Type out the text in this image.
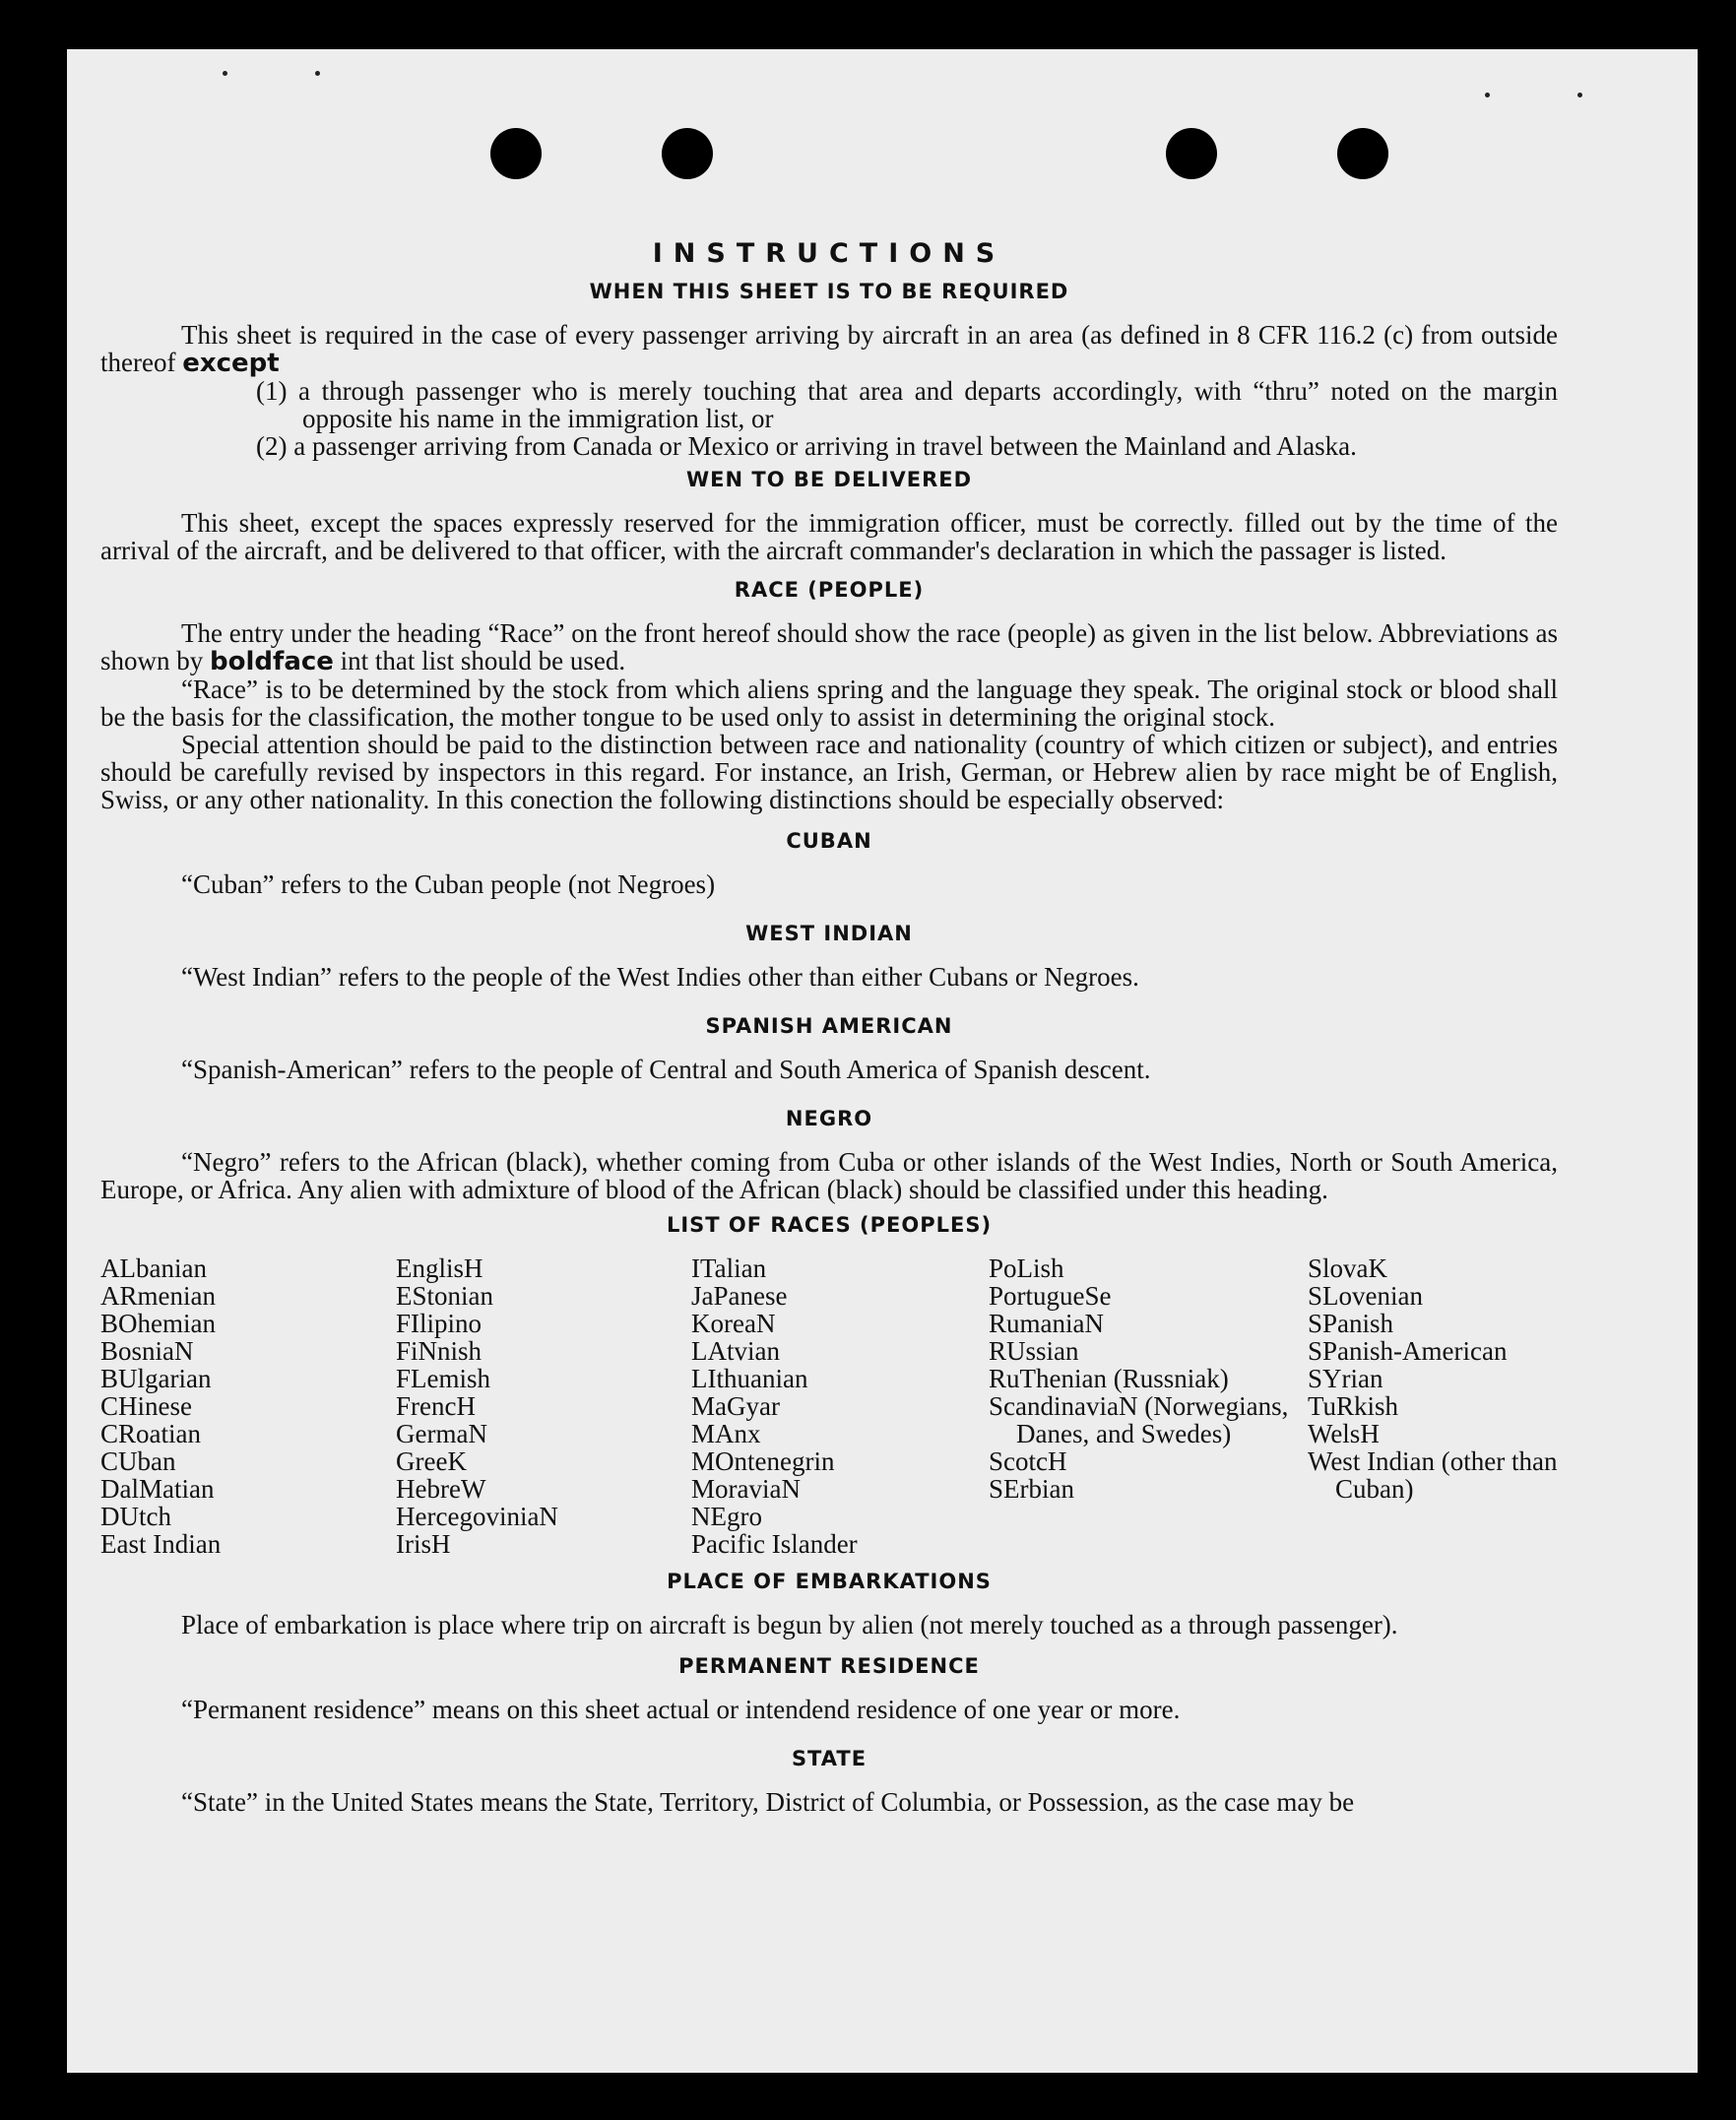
INSTRUCTIONS
WHEN THIS SHEET IS TO BE REQUIRED

This sheet is required in the case of every passenger arriving by aircraft in an area (as defined in 8 CFR 116.2 (c) from outside thereof except

(1) a through passenger who is merely touching that area and departs accordingly, with “thru” noted on the margin opposite his name in the immigration list, or

(2) a passenger arriving from Canada or Mexico or arriving in travel between the Mainland and Alaska.

WEN TO BE DELIVERED

This sheet, except the spaces expressly reserved for the immigration officer, must be correctly. filled out by the time of the arrival of the aircraft, and be delivered to that officer, with the aircraft commander's declaration in which the passager is listed.

RACE (PEOPLE)

The entry under the heading “Race” on the front hereof should show the race (people) as given in the list below. Abbreviations as shown by boldface int that list should be used.

“Race” is to be determined by the stock from which aliens spring and the language they speak. The original stock or blood shall be the basis for the classification, the mother tongue to be used only to assist in determining the original stock.

Special attention should be paid to the distinction between race and nationality (country of which citizen or subject), and entries should be carefully revised by inspectors in this regard. For instance, an Irish, German, or Hebrew alien by race might be of English, Swiss, or any other nationality. In this conection the following distinctions should be especially observed:

CUBAN

“Cuban” refers to the Cuban people (not Negroes)

WEST INDIAN

“West Indian” refers to the people of the West Indies other than either Cubans or Negroes.

SPANISH AMERICAN

“Spanish-American” refers to the people of Central and South America of Spanish descent.

NEGRO

“Negro” refers to the African (black), whether coming from Cuba or other islands of the West Indies, North or South America, Europe, or Africa. Any alien with admixture of blood of the African (black) should be classified under this heading.

LIST OF RACES (PEOPLES)
ALbanian
ARmenian
BOhemian
BosniaN
BUlgarian
CHinese
CRoatian
CUban
DalMatian
DUtch
East Indian
EnglisH
EStonian
FIlipino
FiNnish
FLemish
FrencH
GermaN
GreeK
HebreW
HercegoviniaN
IrisH
ITalian
JaPanese
KoreaN
LAtvian
LIthuanian
MaGyar
MAnx
MOntenegrin
MoraviaN
NEgro
Pacific Islander
PoLish
PortugueSe
RumaniaN
RUssian
RuThenian (Russniak)
ScandinaviaN (Norwegians, Danes, and Swedes)
ScotcH
SErbian
SlovaK
SLovenian
SPanish
SPanish-American
SYrian
TuRkish
WelsH
West Indian (other than Cuban)
PLACE OF EMBARKATIONS

Place of embarkation is place where trip on aircraft is begun by alien (not merely touched as a through passenger).

PERMANENT RESIDENCE

“Permanent residence” means on this sheet actual or intendend residence of one year or more.

STATE

“State” in the United States means the State, Territory, District of Columbia, or Possession, as the case may be
